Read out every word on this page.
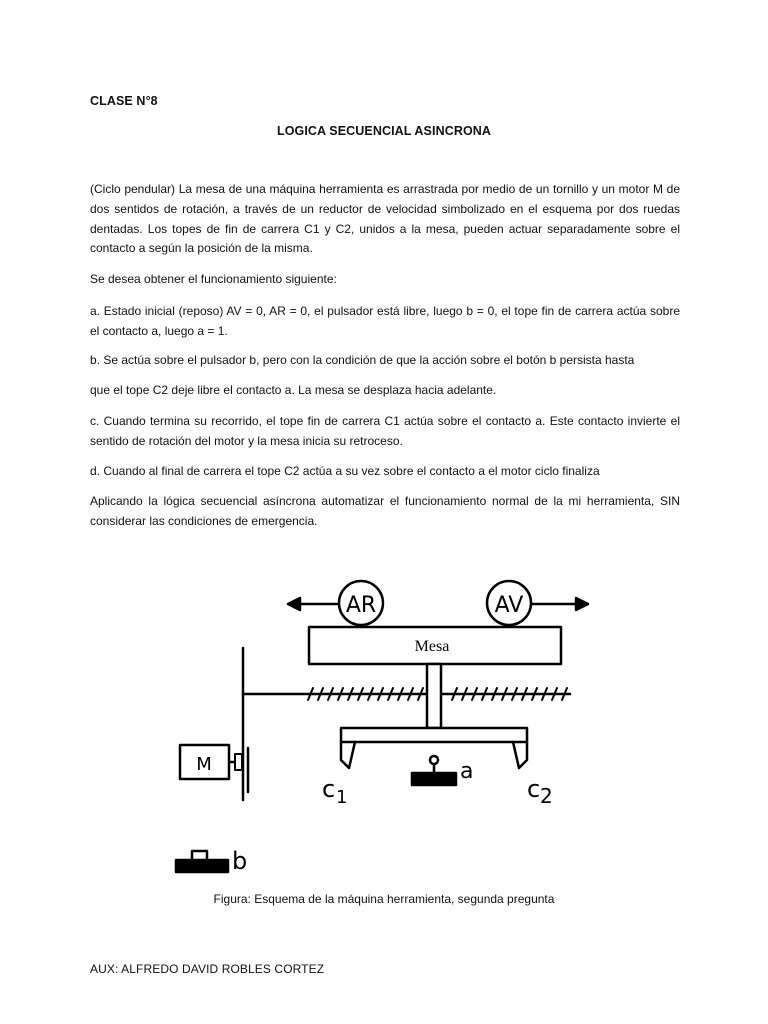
CLASE N°8
LOGICA SECUENCIAL ASINCRONA

(Ciclo pendular) La mesa de una máquina herramienta es arrastrada por medio de un tornillo y un motor M de dos sentidos de rotación, a través de un reductor de velocidad simbolizado en el esquema por dos ruedas dentadas. Los topes de fin de carrera C1 y C2, unidos a la mesa, pueden actuar separadamente sobre el contacto a según la posición de la misma.

Se desea obtener el funcionamiento siguiente:

a. Estado inicial (reposo) AV = 0, AR = 0, el pulsador está libre, luego b = 0, el tope fin de carrera actúa sobre el contacto a, luego a = 1.

b. Se actúa sobre el pulsador b, pero con la condición de que la acción sobre el botón b persista hasta

que el tope C2 deje libre el contacto a. La mesa se desplaza hacia adelante.

c. Cuando termina su recorrido, el tope fin de carrera C1 actúa sobre el contacto a. Este contacto invierte el sentido de rotación del motor y la mesa inicia su retroceso.

d. Cuando al final de carrera el tope C2 actúa a su vez sobre el contacto a el motor ciclo finaliza

Aplicando la lógica secuencial asíncrona automatizar el funcionamiento normal de la mi herramienta, SIN considerar las condiciones de emergencia.

AR	AV
Mesa
a
c 1	c 2
M
b
Figura: Esquema de la máquina herramienta, segunda pregunta
AUX: ALFREDO DAVID ROBLES CORTEZ
